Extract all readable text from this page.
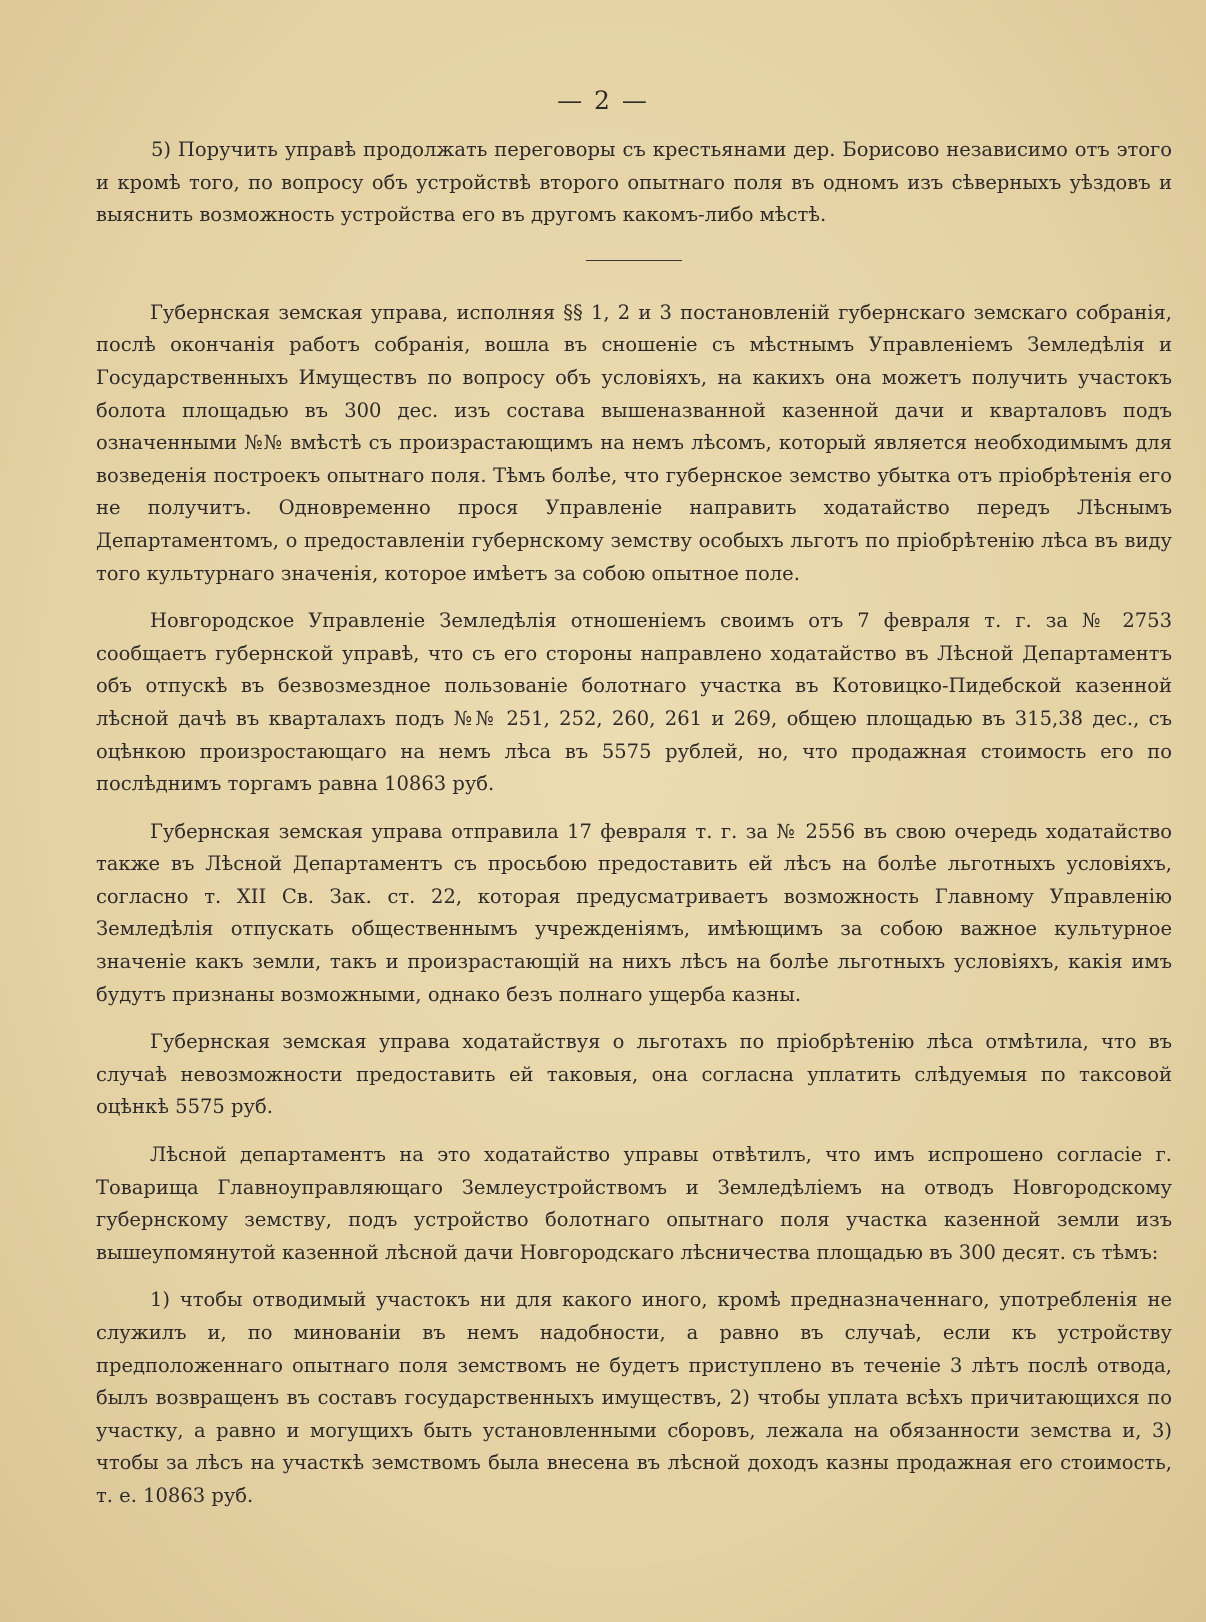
— 2 —

5) Поручить управѣ продолжать переговоры съ крестьянами дер. Борисово независимо отъ этого и кромѣ того, по вопросу объ устройствѣ второго опытнаго поля въ одномъ изъ сѣверныхъ уѣздовъ и выяснить возможность устройства его въ другомъ какомъ-либо мѣстѣ.

Губернская земская управа, исполняя §§ 1, 2 и 3 постановленій губернскаго земскаго собранія, послѣ окончанія работъ собранія, вошла въ сношеніе съ мѣстнымъ Управленіемъ Земледѣлія и Государственныхъ Имуществъ по вопросу объ условіяхъ, на какихъ она можетъ получить участокъ болота площадью въ 300 дес. изъ состава вышеназванной казенной дачи и кварталовъ подъ означенными №№ вмѣстѣ съ произрастающимъ на немъ лѣсомъ, который является необходимымъ для возведенія построекъ опытнаго поля. Тѣмъ болѣе, что губернское земство убытка отъ пріобрѣтенія его не получитъ. Одновременно прося Управленіе направить ходатайство передъ Лѣснымъ Департаментомъ, о предоставленіи губернскому земству особыхъ льготъ по пріобрѣтенію лѣса въ виду того культурнаго значенія, которое имѣетъ за собою опытное поле.

Новгородское Управленіе Земледѣлія отношеніемъ своимъ отъ 7 февраля т. г. за № 2753 сообщаетъ губернской управѣ, что съ его стороны направлено ходатайство въ Лѣсной Департаментъ объ отпускѣ въ безвозмездное пользованіе болотнаго участка въ Котовицко-Пидебской казенной лѣсной дачѣ въ кварталахъ подъ №№ 251, 252, 260, 261 и 269, общею площадью въ 315,38 дес., съ оцѣнкою произростающаго на немъ лѣса въ 5575 рублей, но, что продажная стоимость его по послѣднимъ торгамъ равна 10863 руб.

Губернская земская управа отправила 17 февраля т. г. за № 2556 въ свою очередь ходатайство также въ Лѣсной Департаментъ съ просьбою предоставить ей лѣсъ на болѣе льготныхъ условіяхъ, согласно т. XII Св. Зак. ст. 22, которая предусматриваетъ возможность Главному Управленію Земледѣлія отпускать общественнымъ учрежденіямъ, имѣющимъ за собою важное культурное значеніе какъ земли, такъ и произрастающій на нихъ лѣсъ на болѣе льготныхъ условіяхъ, какія имъ будутъ признаны возможными, однако безъ полнаго ущерба казны.

Губернская земская управа ходатайствуя о льготахъ по пріобрѣтенію лѣса отмѣтила, что въ случаѣ невозможности предоставить ей таковыя, она согласна уплатить слѣдуемыя по таксовой оцѣнкѣ 5575 руб.

Лѣсной департаментъ на это ходатайство управы отвѣтилъ, что имъ испрошено согласіе г. Товарища Главноуправляющаго Землеустройствомъ и Земледѣліемъ на отводъ Новгородскому губернскому земству, подъ устройство болотнаго опытнаго поля участка казенной земли изъ вышеупомянутой казенной лѣсной дачи Новгородскаго лѣсничества площадью въ 300 десят. съ тѣмъ:

1) чтобы отводимый участокъ ни для какого иного, кромѣ предназначеннаго, употребленія не служилъ и, по минованіи въ немъ надобности, а равно въ случаѣ, если къ устройству предположеннаго опытнаго поля земствомъ не будетъ приступлено въ теченіе 3 лѣтъ послѣ отвода, былъ возвращенъ въ составъ государственныхъ имуществъ, 2) чтобы уплата всѣхъ причитающихся по участку, а равно и могущихъ быть установленными сборовъ, лежала на обязанности земства и, 3) чтобы за лѣсъ на участкѣ земствомъ была внесена въ лѣсной доходъ казны продажная его стоимость, т. е. 10863 руб.
